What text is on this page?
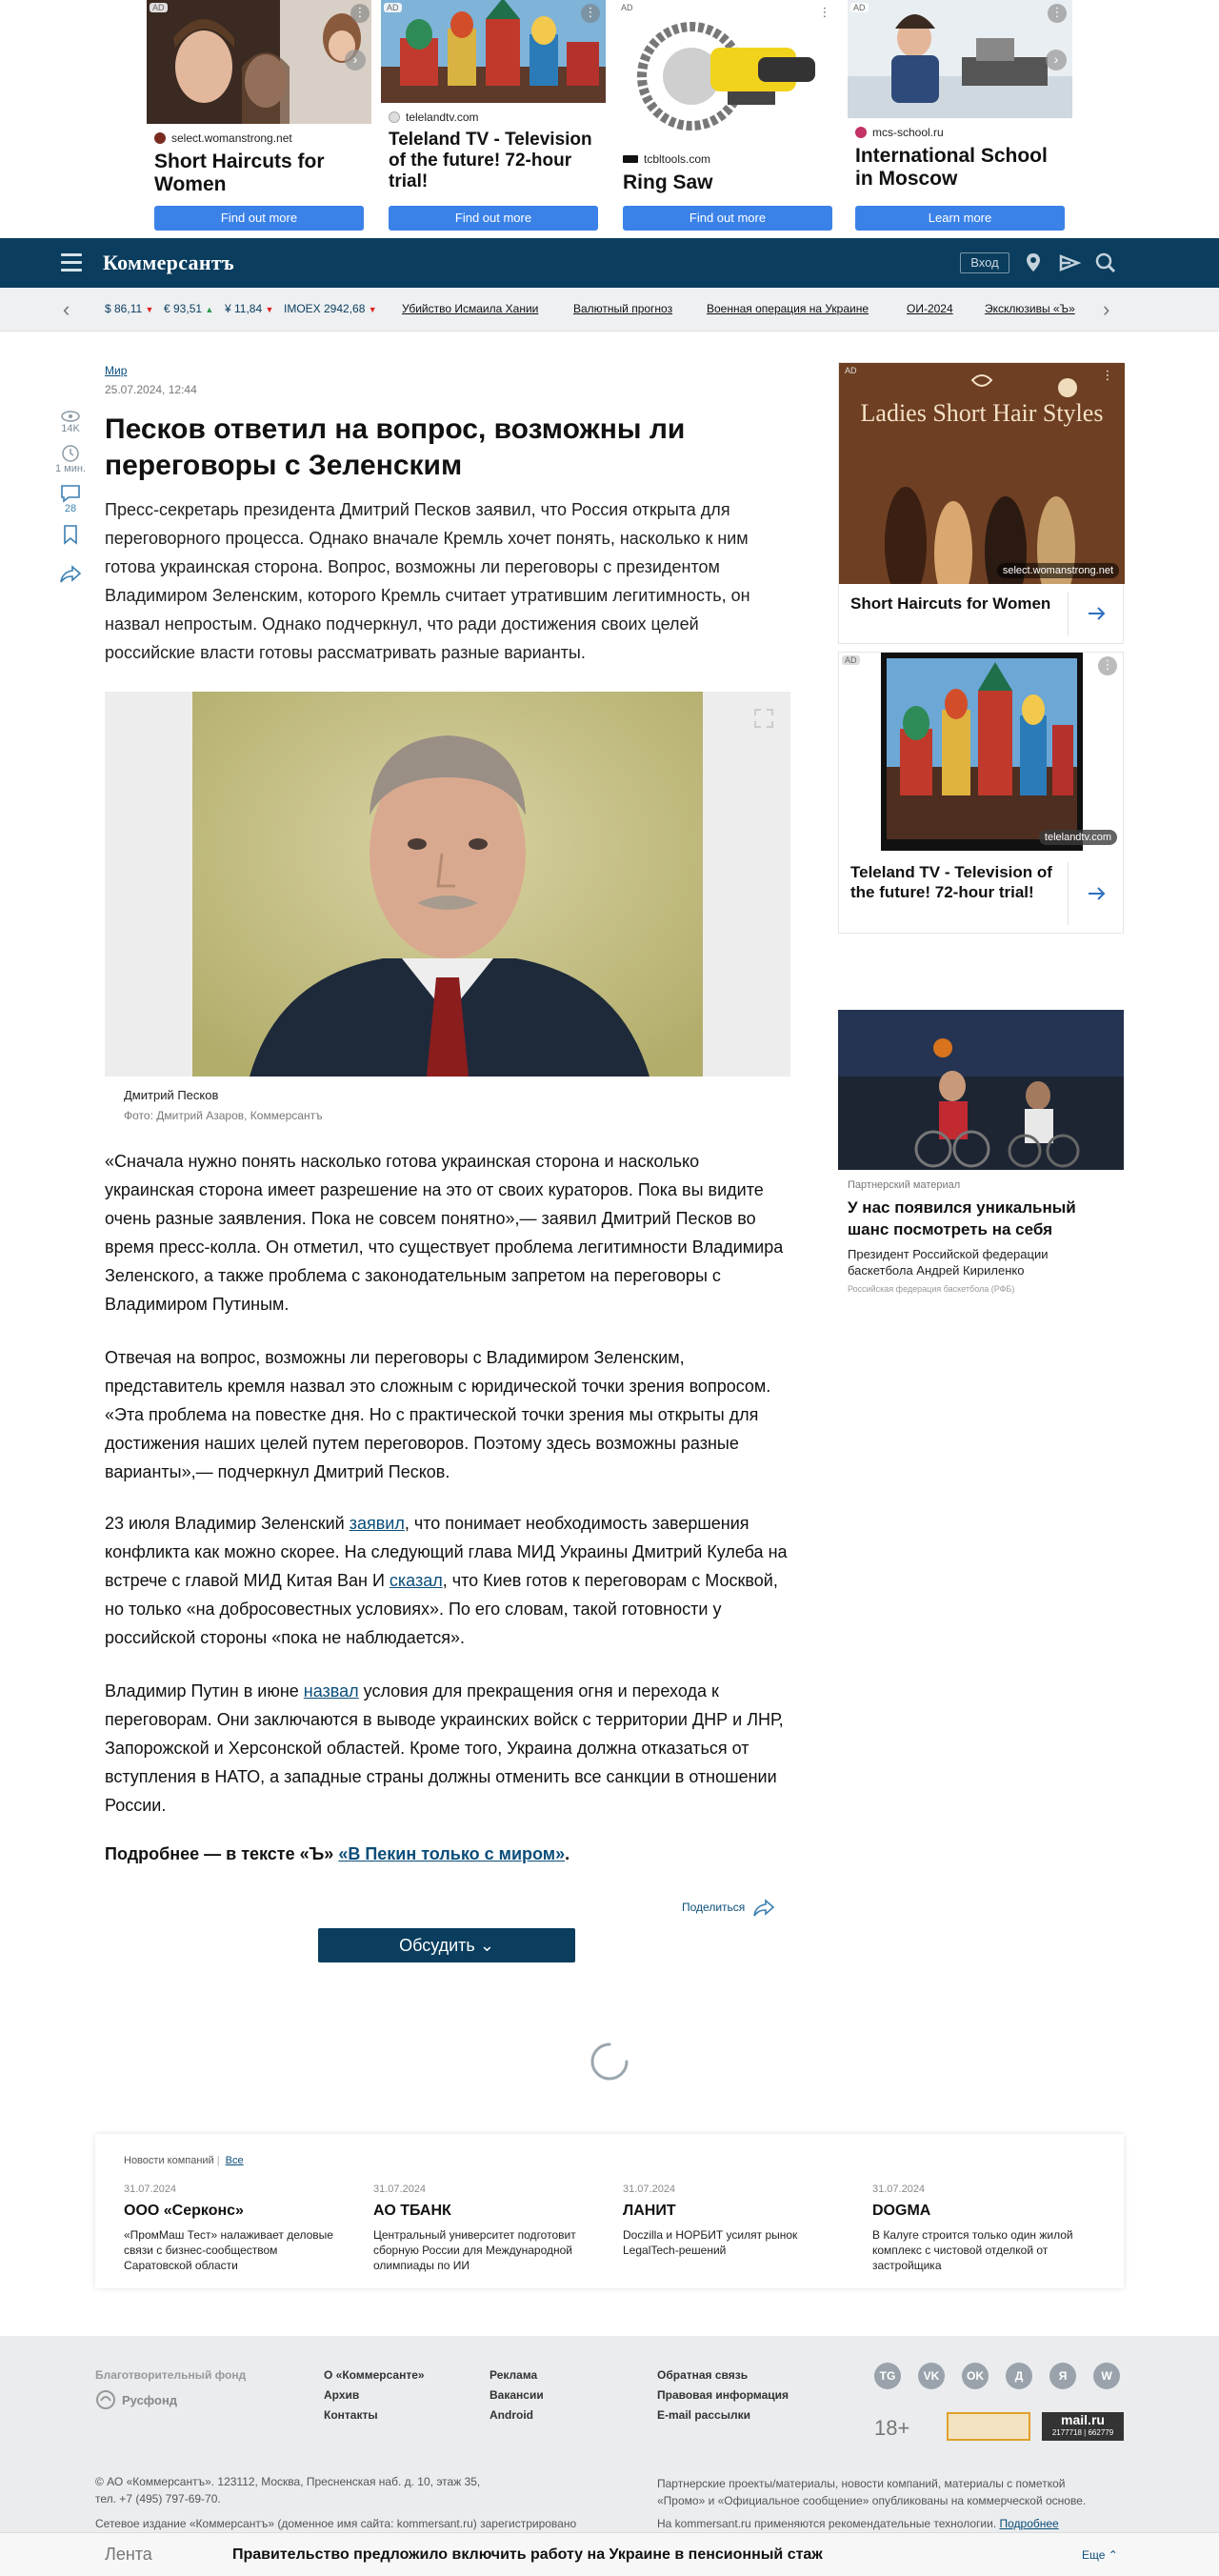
AD	⋮
›
select.womanstrong.net
Short Haircuts for Women
Find out more
AD	⋮
telelandtv.com
Teleland TV - Television of the future! 72-hour trial!
Find out more
AD	⋮
tcbltools.com
Ring Saw
Find out more
AD	⋮
›
mcs-school.ru
International School in Moscow
Learn more
Коммерсантъ	Вход
‹	$ 86,11 ▼ € 93,51 ▲ ¥ 11,84 ▼ IMOEX 2942,68 ▼ Убийство Исмаила Хании	Валютный прогноз	Военная операция на Украине	ОИ-2024	Эксклюзивы «Ъ» ›
Мир
25.07.2024, 12:44
14K
1 мин.
28
Песков ответил на вопрос, возможны ли переговоры с Зеленским

Пресс-секретарь президента Дмитрий Песков заявил, что Россия открыта для переговорного процесса. Однако вначале Кремль хочет понять, насколько к ним готова украинская сторона. Вопрос, возможны ли переговоры с президентом Владимиром Зеленским, которого Кремль считает утратившим легитимность, он назвал непростым. Однако подчеркнул, что ради достижения своих целей российские власти готовы рассматривать разные варианты.

Дмитрий Песков
Фото: Дмитрий Азаров, Коммерсантъ

«Сначала нужно понять насколько готова украинская сторона и насколько украинская сторона имеет разрешение на это от своих кураторов. Пока вы видите очень разные заявления. Пока не совсем понятно»,— заявил Дмитрий Песков во время пресс-колла. Он отметил, что существует проблема легитимности Владимира Зеленского, а также проблема с законодательным запретом на переговоры с Владимиром Путиным.

Отвечая на вопрос, возможны ли переговоры с Владимиром Зеленским, представитель кремля назвал это сложным с юридической точки зрения вопросом. «Эта проблема на повестке дня. Но с практической точки зрения мы открыты для достижения наших целей путем переговоров. Поэтому здесь возможны разные варианты»,— подчеркнул Дмитрий Песков.

23 июля Владимир Зеленский заявил, что понимает необходимость завершения конфликта как можно скорее. На следующий глава МИД Украины Дмитрий Кулеба на встрече с главой МИД Китая Ван И сказал, что Киев готов к переговорам с Москвой, но только «на добросовестных условиях». По его словам, такой готовности у российской стороны «пока не наблюдается».

Владимир Путин в июне назвал условия для прекращения огня и перехода к переговорам. Они заключаются в выводе украинских войск с территории ДНР и ЛНР, Запорожской и Херсонской областей. Кроме того, Украина должна отказаться от вступления в НАТО, а западные страны должны отменить все санкции в отношении России.

Подробнее — в тексте «Ъ» «В Пекин только с миром».

Поделиться
Обсудить ⌄
Ladies Short Hair Styles
select.womanstrong.net
AD	⋮
Short Haircuts for Women
telelandtv.com
AD	⋮
Teleland TV - Television of the future! 72-hour trial!
Партнерский материал
У нас появился уникальный шанс посмотреть на себя
Президент Российской федерации баскетбола Андрей Кириленко
Российская федерация баскетбола (РФБ)
Новости компаний | Все
31.07.2024
ООО «Серконс»
«ПромМаш Тест» налаживает деловые связи с бизнес-сообществом Саратовской области
31.07.2024
АО ТБАНК
Центральный университет подготовит сборную России для Международной олимпиады по ИИ
31.07.2024
ЛАНИТ
Doczilla и НОРБИТ усилят рынок LegalTech-решений
31.07.2024
DOGMA
В Калуге строится только один жилой комплекс с чистовой отделкой от застройщика
Благотворительный фонд
Русфонд
О «Коммерсанте»
Архив
Контакты
Реклама
Вакансии
Android
Обратная связь
Правовая информация
E-mail рассылки
TG	VK	OK	Д	Я	W
18+	mail.ru
2177718 | 662779
© АО «Коммерсантъ». 123112, Москва, Пресненская наб. д. 10, этаж 35,
тел. +7 (495) 797-69-70.
Сетевое издание «Коммерсантъ» (доменное имя сайта: kommersant.ru) зарегистрировано
Партнерские проекты/материалы, новости компаний, материалы с пометкой «Промо» и «Официальное сообщение» опубликованы на коммерческой основе.
На kommersant.ru применяются рекомендательные технологии. Подробнее
Лента	Правительство предложило включить работу на Украине в пенсионный стаж	Еще ⌃
